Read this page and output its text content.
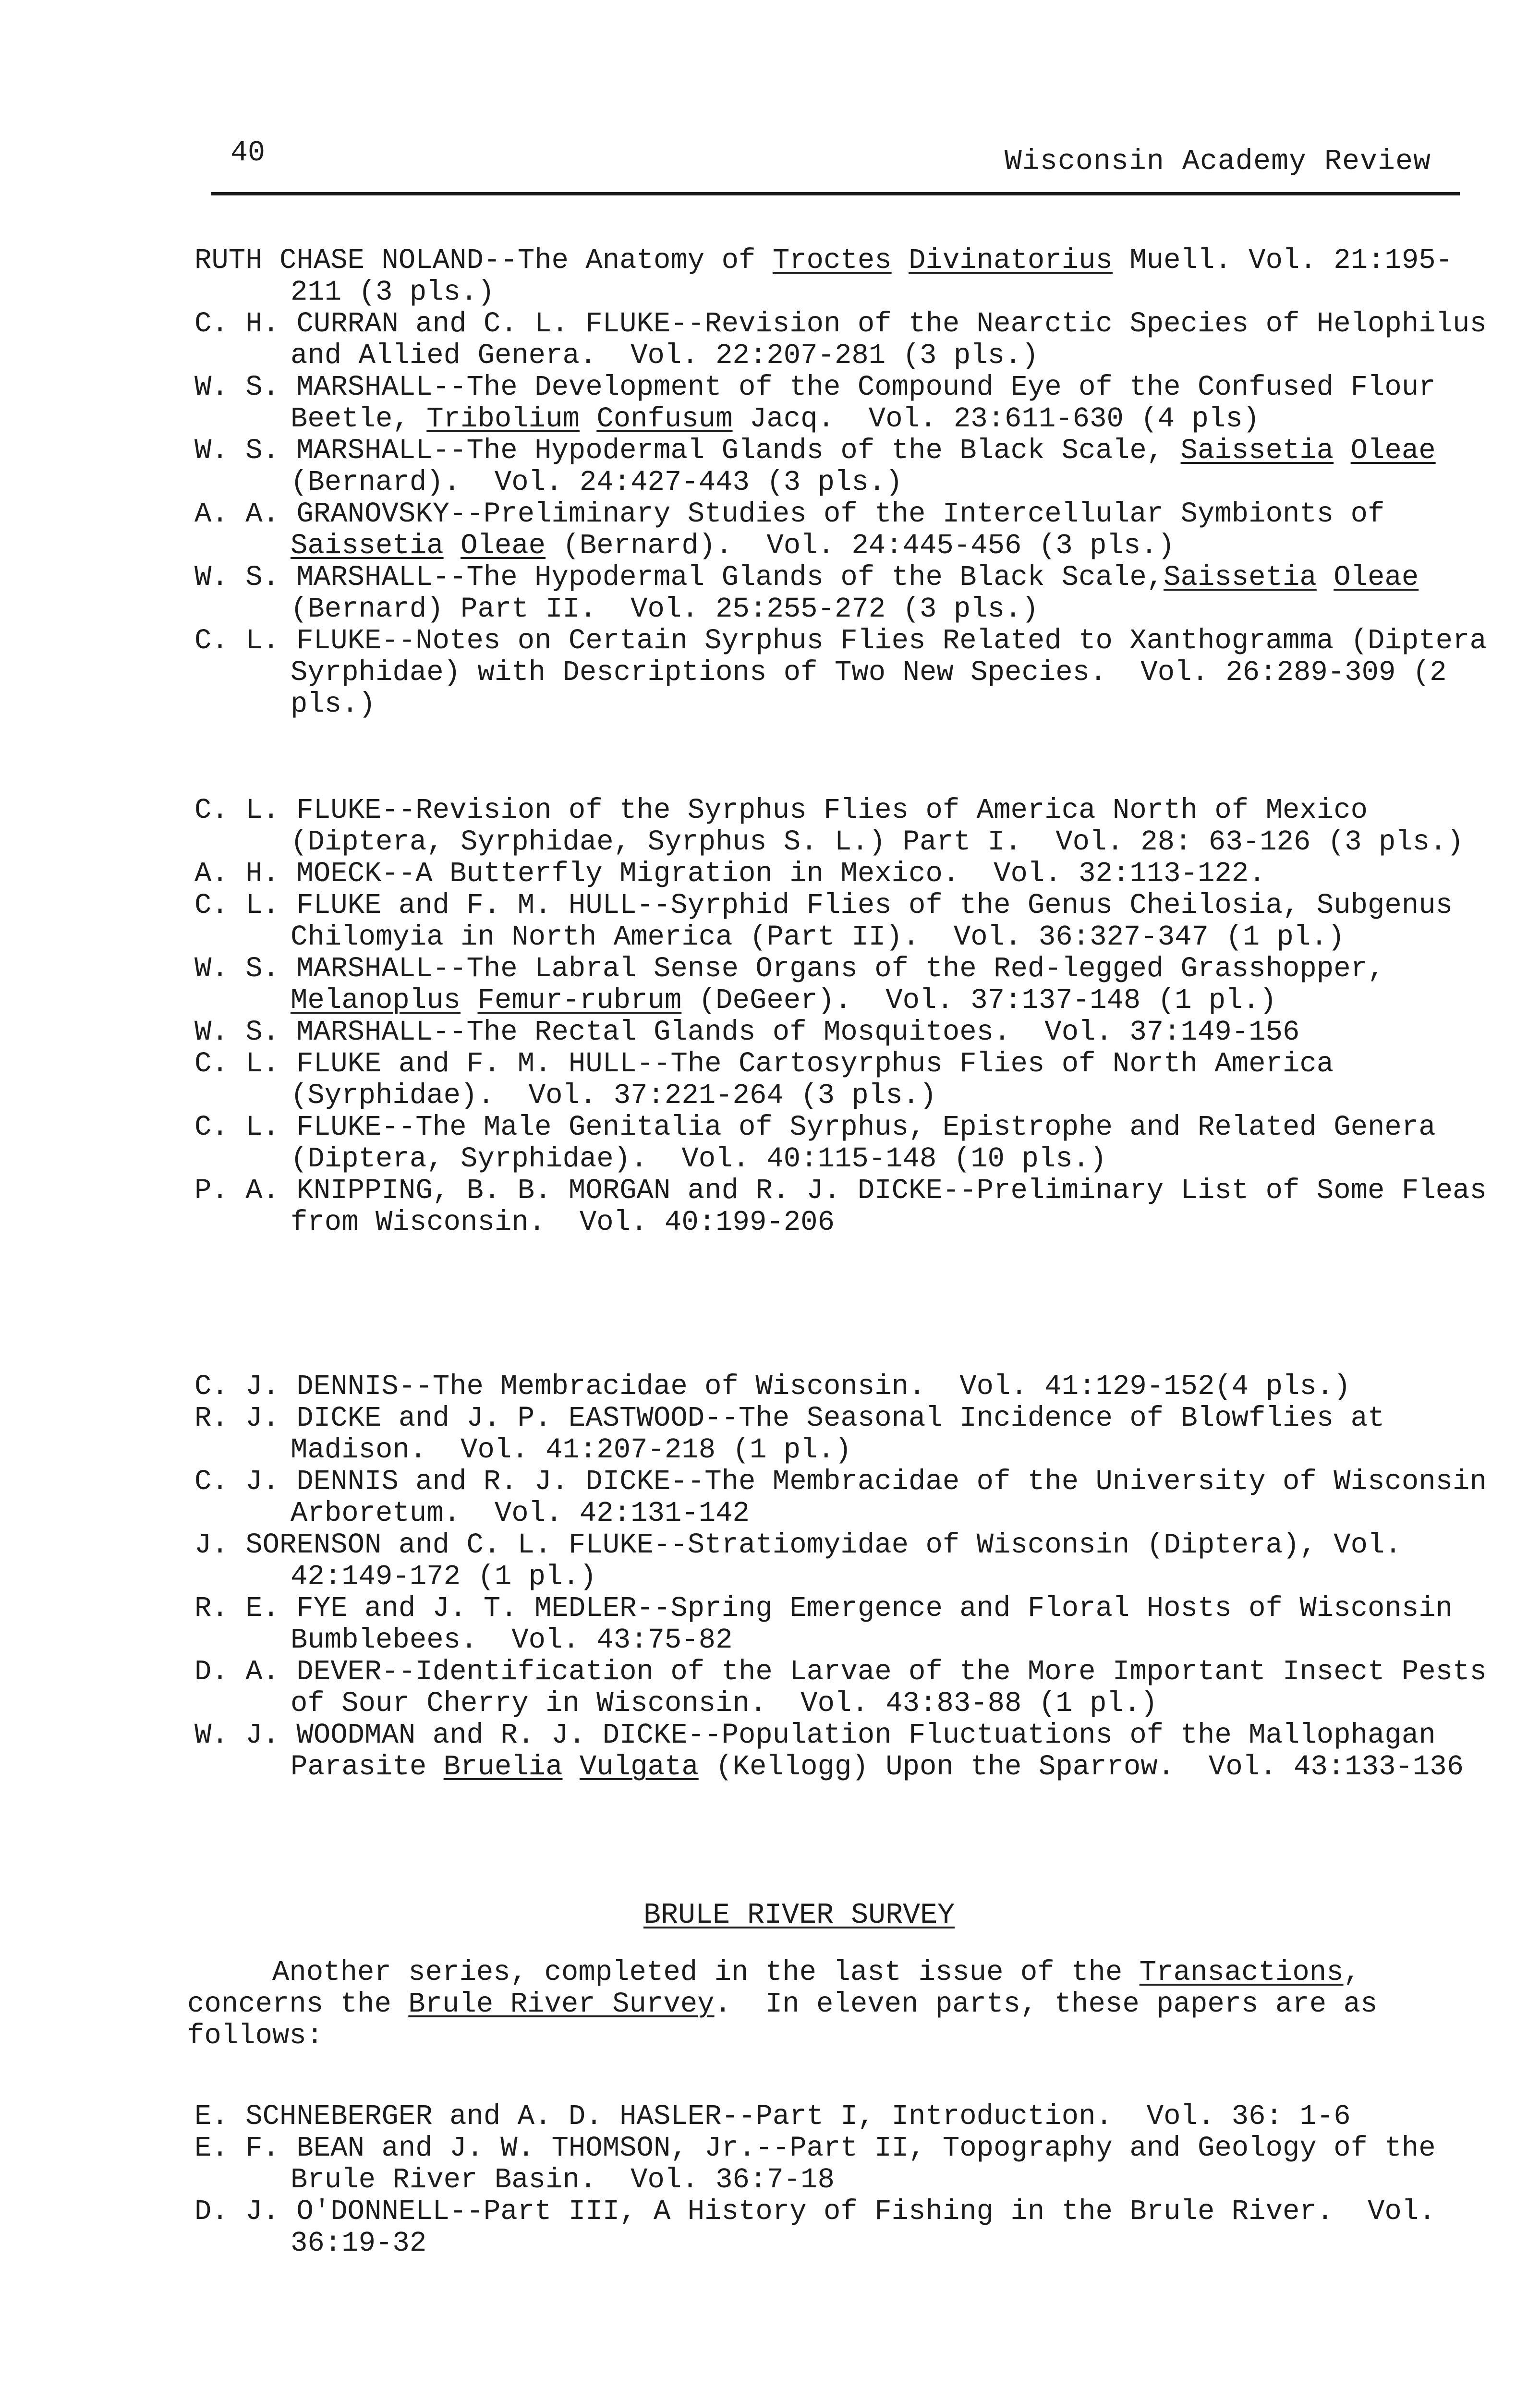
40	Wisconsin Academy Review
RUTH CHASE NOLAND--The Anatomy of Troctes Divinatorius Muell. Vol. 21:195-211 (3 pls.)
C. H. CURRAN and C. L. FLUKE--Revision of the Nearctic Species of Helophilus and Allied Genera.  Vol. 22:207-281 (3 pls.)
W. S. MARSHALL--The Development of the Compound Eye of the Confused Flour Beetle, Tribolium Confusum Jacq.  Vol. 23:611-630 (4 pls)
W. S. MARSHALL--The Hypodermal Glands of the Black Scale, Saissetia Oleae (Bernard).  Vol. 24:427-443 (3 pls.)
A. A. GRANOVSKY--Preliminary Studies of the Intercellular Symbionts of Saissetia Oleae (Bernard).  Vol. 24:445-456 (3 pls.)
W. S. MARSHALL--The Hypodermal Glands of the Black Scale,Saissetia Oleae (Bernard) Part II.  Vol. 25:255-272 (3 pls.)
C. L. FLUKE--Notes on Certain Syrphus Flies Related to Xanthogramma (Diptera Syrphidae) with Descriptions of Two New Species.  Vol. 26:289-309 (2 pls.)
C. L. FLUKE--Revision of the Syrphus Flies of America North of Mexico (Diptera, Syrphidae, Syrphus S. L.) Part I.  Vol. 28: 63-126 (3 pls.)
A. H. MOECK--A Butterfly Migration in Mexico.  Vol. 32:113-122.
C. L. FLUKE and F. M. HULL--Syrphid Flies of the Genus Cheilosia, Subgenus Chilomyia in North America (Part II).  Vol. 36:327-347 (1 pl.)
W. S. MARSHALL--The Labral Sense Organs of the Red-legged Grasshopper, Melanoplus Femur-rubrum (DeGeer).  Vol. 37:137-148 (1 pl.)
W. S. MARSHALL--The Rectal Glands of Mosquitoes.  Vol. 37:149-156
C. L. FLUKE and F. M. HULL--The Cartosyrphus Flies of North America (Syrphidae).  Vol. 37:221-264 (3 pls.)
C. L. FLUKE--The Male Genitalia of Syrphus, Epistrophe and Related Genera (Diptera, Syrphidae).  Vol. 40:115-148 (10 pls.)
P. A. KNIPPING, B. B. MORGAN and R. J. DICKE--Preliminary List of Some Fleas from Wisconsin.  Vol. 40:199-206
C. J. DENNIS--The Membracidae of Wisconsin.  Vol. 41:129-152(4 pls.)
R. J. DICKE and J. P. EASTWOOD--The Seasonal Incidence of Blowflies at Madison.  Vol. 41:207-218 (1 pl.)
C. J. DENNIS and R. J. DICKE--The Membracidae of the University of Wisconsin Arboretum.  Vol. 42:131-142
J. SORENSON and C. L. FLUKE--Stratiomyidae of Wisconsin (Diptera), Vol. 42:149-172 (1 pl.)
R. E. FYE and J. T. MEDLER--Spring Emergence and Floral Hosts of Wisconsin Bumblebees.  Vol. 43:75-82
D. A. DEVER--Identification of the Larvae of the More Important Insect Pests of Sour Cherry in Wisconsin.  Vol. 43:83-88 (1 pl.)
W. J. WOODMAN and R. J. DICKE--Population Fluctuations of the Mallophagan Parasite Bruelia Vulgata (Kellogg) Upon the Sparrow.  Vol. 43:133-136
BRULE RIVER SURVEY
Another series, completed in the last issue of the Transactions, concerns the Brule River Survey.  In eleven parts, these papers are as follows:
E. SCHNEBERGER and A. D. HASLER--Part I, Introduction.  Vol. 36: 1-6
E. F. BEAN and J. W. THOMSON, Jr.--Part II, Topography and Geology of the Brule River Basin.  Vol. 36:7-18
D. J. O'DONNELL--Part III, A History of Fishing in the Brule River.  Vol. 36:19-32
